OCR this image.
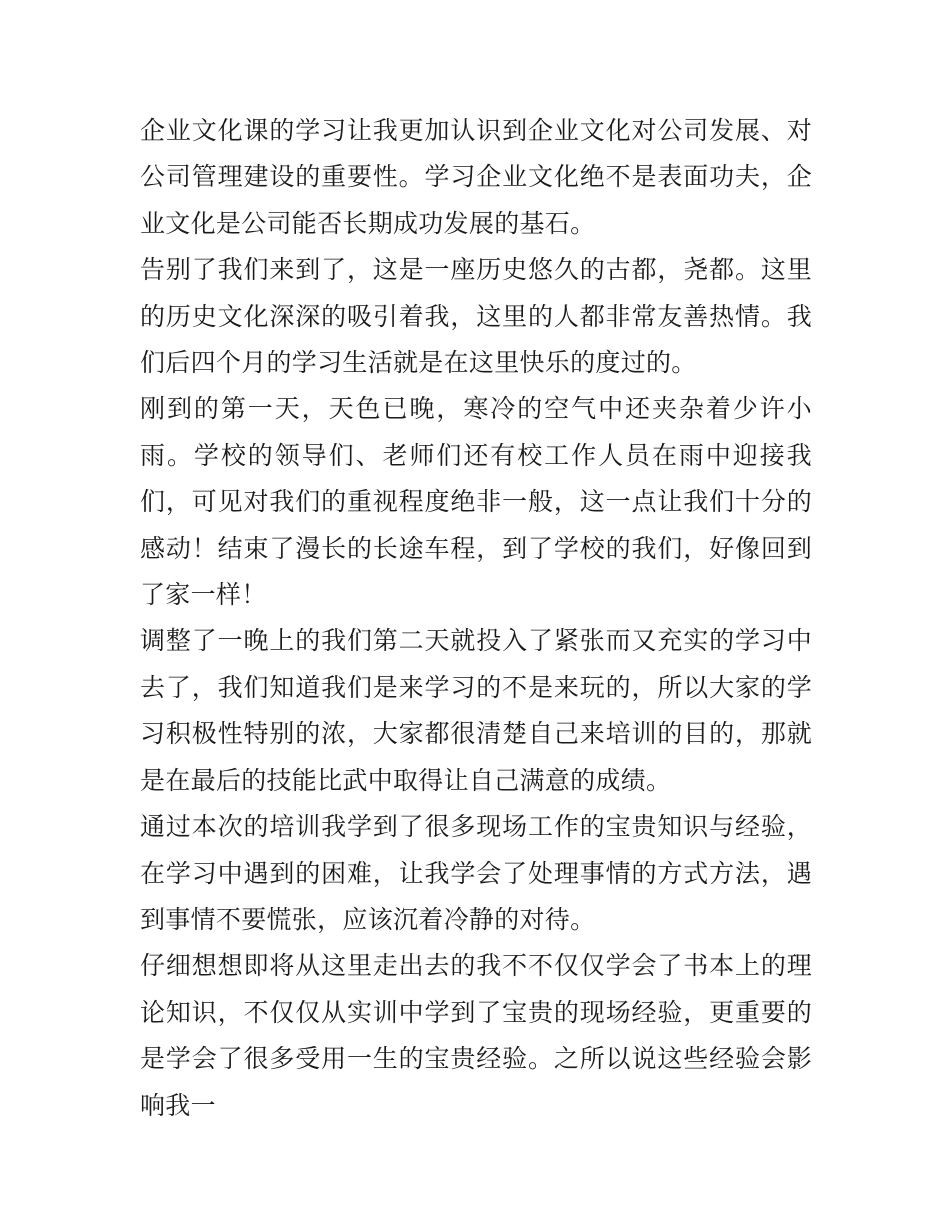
企业文化课的学习让我更加认识到企业文化对公司发展、对公司管理建设的重要性。学习企业文化绝不是表面功夫，企业文化是公司能否长期成功发展的基石。

告别了我们来到了，这是一座历史悠久的古都，尧都。这里的历史文化深深的吸引着我，这里的人都非常友善热情。我们后四个月的学习生活就是在这里快乐的度过的。

刚到的第一天，天色已晚，寒冷的空气中还夹杂着少许小雨。学校的领导们、老师们还有校工作人员在雨中迎接我们，可见对我们的重视程度绝非一般，这一点让我们十分的感动！结束了漫长的长途车程，到了学校的我们，好像回到了家一样！

调整了一晚上的我们第二天就投入了紧张而又充实的学习中去了，我们知道我们是来学习的不是来玩的，所以大家的学习积极性特别的浓，大家都很清楚自己来培训的目的，那就是在最后的技能比武中取得让自己满意的成绩。

通过本次的培训我学到了很多现场工作的宝贵知识与经验，在学习中遇到的困难，让我学会了处理事情的方式方法，遇到事情不要慌张，应该沉着冷静的对待。

仔细想想即将从这里走出去的我不不仅仅学会了书本上的理论知识，不仅仅从实训中学到了宝贵的现场经验，更重要的是学会了很多受用一生的宝贵经验。之所以说这些经验会影响我一
